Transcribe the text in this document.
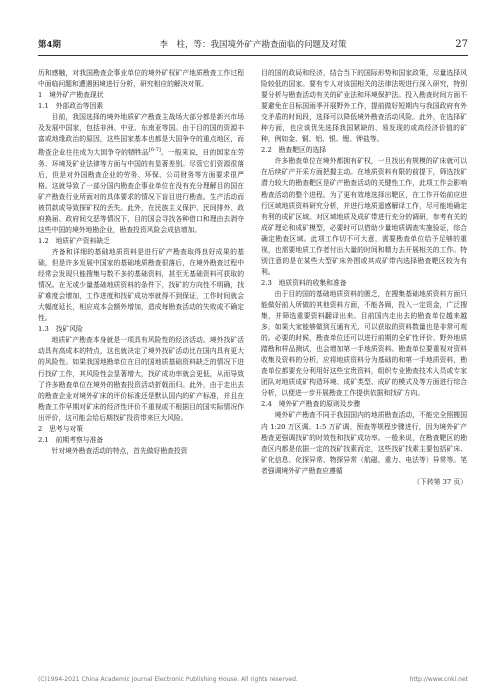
第4期	李　柱，等：我国境外矿产勘查面临的问题及对策	27

历和感触，对我国勘查企事业单位的境外矿权矿产地质勘查工作过程中面临问题和遭遇困境进行分析，研究相应的解决对策。

1　境外矿产勘查现状

1.1　外部政治等因素

目前，我国选择的境外地质矿产勘查主战场大部分都是新兴市场及发展中国家，包括非洲、中亚、东南亚等国。由于目的国的资源丰富或地缘政治的原因，这些国家基本也都是大国争夺的重点地区，而勘查企业往往成为大国争夺的牺牲品[6-7]。一般来说，目的国家在劳务、环境及矿业法律等方面与中国的有显著差别。尽管它们资源很落后，但是对外国勘查企业的劳务、环保、公司财务等方面要求很严格。这就导致了一部分国内勘查企事业单位在没有充分理解目的国在矿产勘查行业所面对的具体要求的情况下盲目进行勘查。生产活动而被罚款或导致探矿权的丢失。此外，在民族主义保护、民间排外、政府换届、政府间交恶等情况下，目的国会寻找各种借口和理由去剥夺这些中国的境外地勘企业，勘查投资风险会成倍增加。

1.2　地质矿产资料缺乏

齐备和详细的基础地质资料是进行矿产勘查取得良好成果的基础，但是许多发展中国家的基础地质勘查很落后，在境外勘查过程中经常会发现只能搜集与数不多的基础资料，甚至无基础资料可获取的情况。在无或少量基础地质资料的条件下，找矿的方向性不明确，找矿难度会增加，工作进度和找矿成功率就得不到保证，工作时间就会大幅度延长，相应成本会额外增加，造成每勘查活动的失败或不确定性。

1.3　找矿风险

地质矿产勘查本身就是一项具有风险性的经济活动。境外找矿活动具有高成本的特点，这也就决定了境外找矿活动比在国内具有更大的风险性。如果我国地勘单位在目的国地质基础资料缺乏的情况下进行找矿工作，其风险性会显著增大，找矿成功率就会更低，从而导致了许多勘查单位在境外的勘查投资活动折戟而归。此外，由于走出去的勘查企业对境外矿床的评价标准还是默认国内的矿产标准，并且在勘查工作早期对矿床的经济性评价不重视或不根据目的国实际情况作出评价，这可能会给后期找矿投资带来巨大风险。

2　思考与对策

2.1　前期考察与准备

针对境外勘查活动的特点，首先做好勘查投资

目的国的政局和经济，结合当下的国际形势和国家政策，尽量选择风险较低的国家。要有专人对该国相关的法律法规进行深入研究，特别要分析与勘查活动有关的矿业法和环境保护法。投入勘查时间方面不要避免在目标国雨季开展野外工作，提前做好短期内与我国政府有外交矛盾的时间段，选择可以降低境外勘查活动风险。此外，在选择矿种方面，也应该优先选择我国紧缺的、易发现的或高经济价值的矿种，例如金、铜、铝、银、锂、钾盐等。

2.2　勘查靶区的选择

许多勘查单位在境外都拥有矿权，一旦找出有规模的矿床就可以在后续矿产开采方面把握主动。在地质资料有限的前提下，筛选找矿潜力较大的勘查靶区是矿产勘查活动的关键性工作，此项工作会影响勘查活动的整个进程。为了更有效地选择出靶区，在工作开始前应进行区域地质资料研究分析，并进行地质遥感解译工作，尽可能地确定有利的成矿区域。对区域地质及成矿带进行充分的调研，参考有关的成矿理论和成矿模型，必要时可以借助少量地质调查实施验证，综合确定勘查区域。此项工作切不可大意，需要勘查单位给予足够的重视，也需要地质工作者付出大量的时间和精力去开展相关的工作。特别注意的是在某些大型矿床外围或其成矿带内选择勘查靶区较为有利。

2.3　地质资料的收集和准备

由于目的国的基础地质资料的匮乏，在搜集基础地质资料方面只能做好前人所做的其他资料方面，不能各顾，投入一定资金，广泛搜集，并筛选重要资料翻译出来。目前国内走出去的勘查单位越来越多，如果大家能够做到互通有无，可以获取的资料数量也是非常可观的。必要的时候，勘查单位还可以进行前期的全矿性评价、野外地质踏勘和样品测试，也会增加第一手地质资料。勘查单位要重视对资料收集及资料的分析，应将地质资料分为基础的和第一手地质资料，勘查单位都要充分利用好这些宝贵资料，组织专业勘查技术人员或专家团队对地质成矿构造环境、成矿类型、成矿的模式及等方面进行综合分析，以便进一步开展勘查工作提供依据和找矿方向。

2.4　境外矿产勘查的原则及步骤

境外矿产勘查不同于我国国内的地质勘查活动，不能完全照搬国内 1:20 万区调、1:5 万矿调、预查等规程步骤进行，因为境外矿产勘查更强调找矿的时效性和找矿成功率。一般来说，在勘查靶区的勘查区内都是依据一定的找矿找素而定，这些找矿找素主要包括矿床、矿化信息、化探异常、物探异常（航磁、重力、电法等）异常等。笔者强调境外矿产勘查应遵循

（下转第 37 页）

(C)1994-2021 China Academic Journal Electronic Publishing House. All rights reserved.	http://www.cnki.net
